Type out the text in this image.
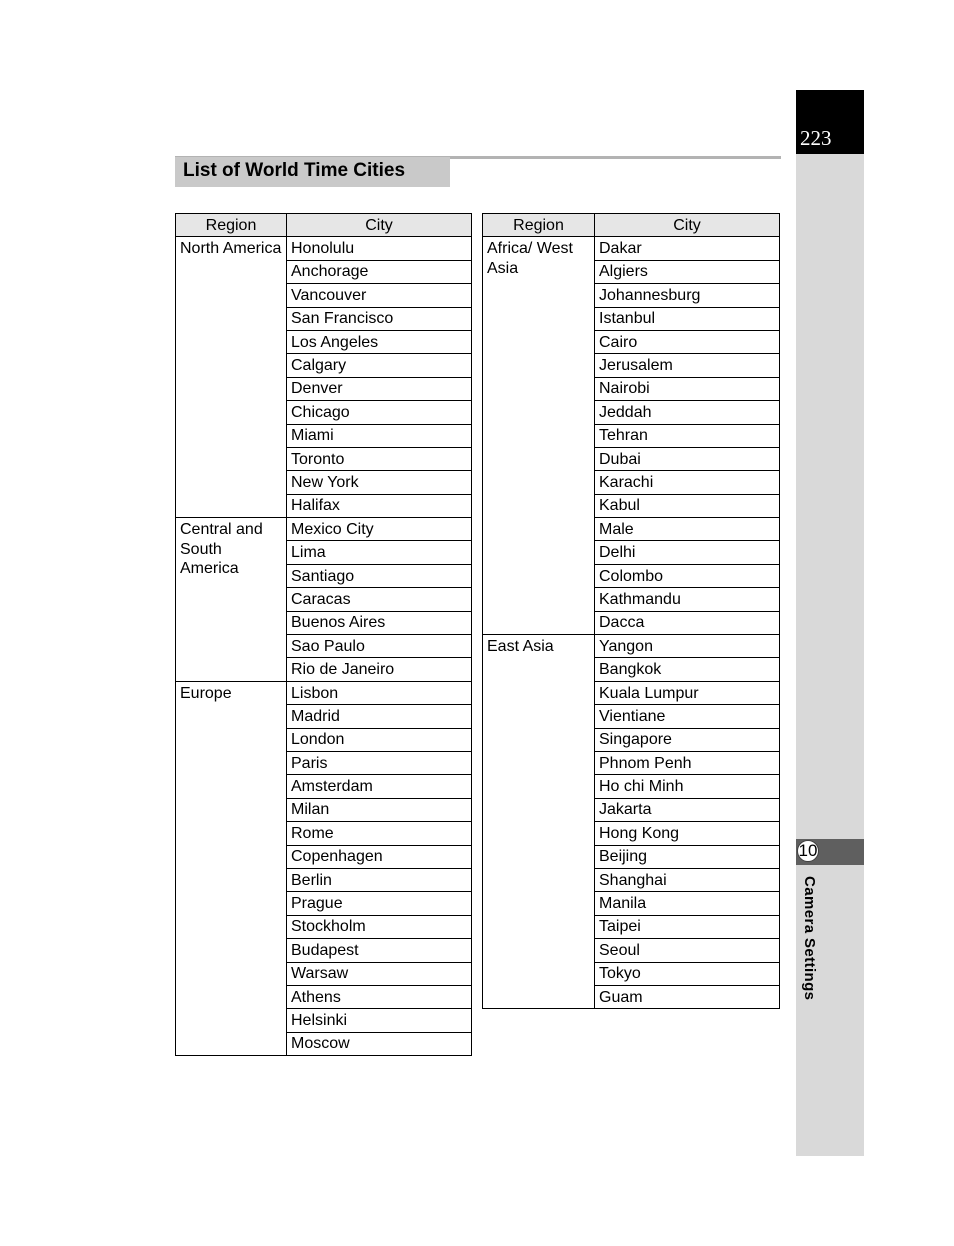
223
10
Camera Settings
List of World Time Cities
Region	City
North America	Honolulu
	Anchorage
	Vancouver
	San Francisco
	Los Angeles
	Calgary
	Denver
	Chicago
	Miami
	Toronto
	New York
	Halifax
Central and South America	Mexico City
	Lima
	Santiago
	Caracas
	Buenos Aires
	Sao Paulo
	Rio de Janeiro
Europe	Lisbon
	Madrid
	London
	Paris
	Amsterdam
	Milan
	Rome
	Copenhagen
	Berlin
	Prague
	Stockholm
	Budapest
	Warsaw
	Athens
	Helsinki
	Moscow
Region	City
Africa/ West Asia	Dakar
	Algiers
	Johannesburg
	Istanbul
	Cairo
	Jerusalem
	Nairobi
	Jeddah
	Tehran
	Dubai
	Karachi
	Kabul
	Male
	Delhi
	Colombo
	Kathmandu
	Dacca
East Asia	Yangon
	Bangkok
	Kuala Lumpur
	Vientiane
	Singapore
	Phnom Penh
	Ho chi Minh
	Jakarta
	Hong Kong
	Beijing
	Shanghai
	Manila
	Taipei
	Seoul
	Tokyo
	Guam
